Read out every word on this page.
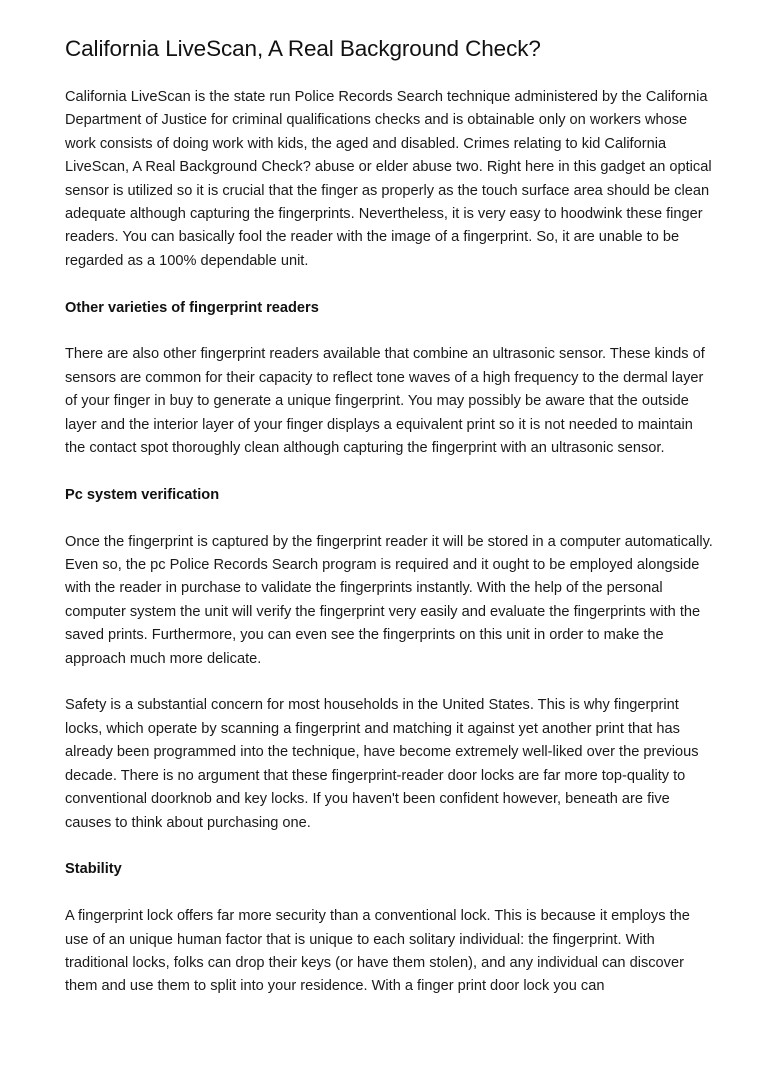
California LiveScan, A Real Background Check?

California LiveScan is the state run Police Records Search technique administered by the California Department of Justice for criminal qualifications checks and is obtainable only on workers whose work consists of doing work with kids, the aged and disabled. Crimes relating to kid California LiveScan, A Real Background Check? abuse or elder abuse two. Right here in this gadget an optical sensor is utilized so it is crucial that the finger as properly as the touch surface area should be clean adequate although capturing the fingerprints. Nevertheless, it is very easy to hoodwink these finger readers. You can basically fool the reader with the image of a fingerprint. So, it are unable to be regarded as a 100% dependable unit.

Other varieties of fingerprint readers

There are also other fingerprint readers available that combine an ultrasonic sensor. These kinds of sensors are common for their capacity to reflect tone waves of a high frequency to the dermal layer of your finger in buy to generate a unique fingerprint. You may possibly be aware that the outside layer and the interior layer of your finger displays a equivalent print so it is not needed to maintain the contact spot thoroughly clean although capturing the fingerprint with an ultrasonic sensor.

Pc system verification

Once the fingerprint is captured by the fingerprint reader it will be stored in a computer automatically. Even so, the pc Police Records Search program is required and it ought to be employed alongside with the reader in purchase to validate the fingerprints instantly. With the help of the personal computer system the unit will verify the fingerprint very easily and evaluate the fingerprints with the saved prints. Furthermore, you can even see the fingerprints on this unit in order to make the approach much more delicate.

Safety is a substantial concern for most households in the United States. This is why fingerprint locks, which operate by scanning a fingerprint and matching it against yet another print that has already been programmed into the technique, have become extremely well-liked over the previous decade. There is no argument that these fingerprint-reader door locks are far more top-quality to conventional doorknob and key locks. If you haven't been confident however, beneath are five causes to think about purchasing one.

Stability

A fingerprint lock offers far more security than a conventional lock. This is because it employs the use of an unique human factor that is unique to each solitary individual: the fingerprint. With traditional locks, folks can drop their keys (or have them stolen), and any individual can discover them and use them to split into your residence. With a finger print door lock you can
